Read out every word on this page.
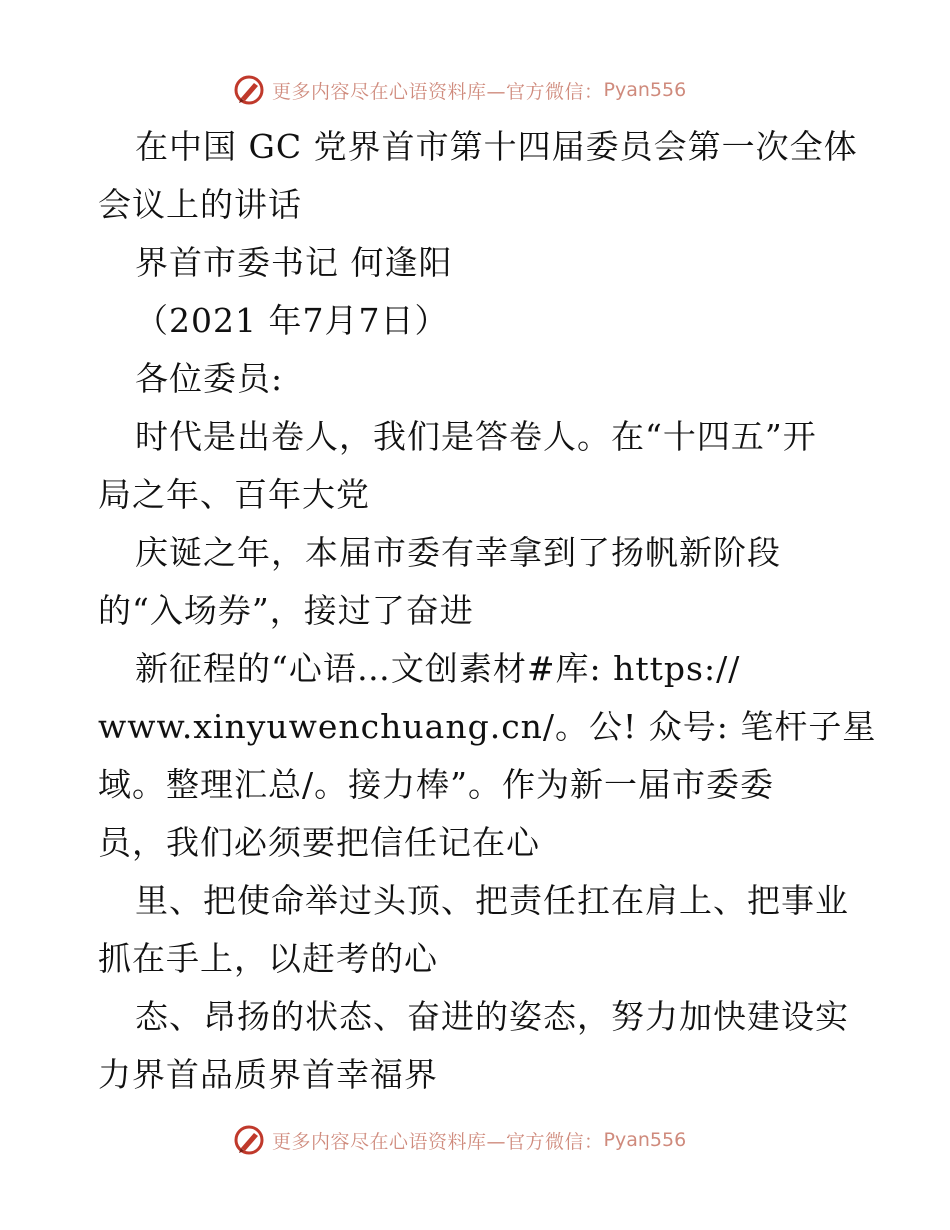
更多内容尽在心语资料库—官方微信： Pyan556
在中国 GC 党界首市第十四届委员会第一次全体
会议上的讲话
界首市委书记 何逢阳
（2021 年7月7日）
各位委员:
时代是出卷人，我们是答卷人。在“十四五”开
局之年、百年大党
庆诞之年，本届市委有幸拿到了扬帆新阶段
的“入场券”，接过了奋进
新征程的“心语…文创素材#库: https://
www.xinyuwenchuang.cn/。公! 众号: 笔杆子星
域。整理汇总/。接力棒”。作为新一届市委委
员，我们必须要把信任记在心
里、把使命举过头顶、把责任扛在肩上、把事业
抓在手上，以赶考的心
态、昂扬的状态、奋进的姿态，努力加快建设实
力界首品质界首幸福界
更多内容尽在心语资料库—官方微信： Pyan556
